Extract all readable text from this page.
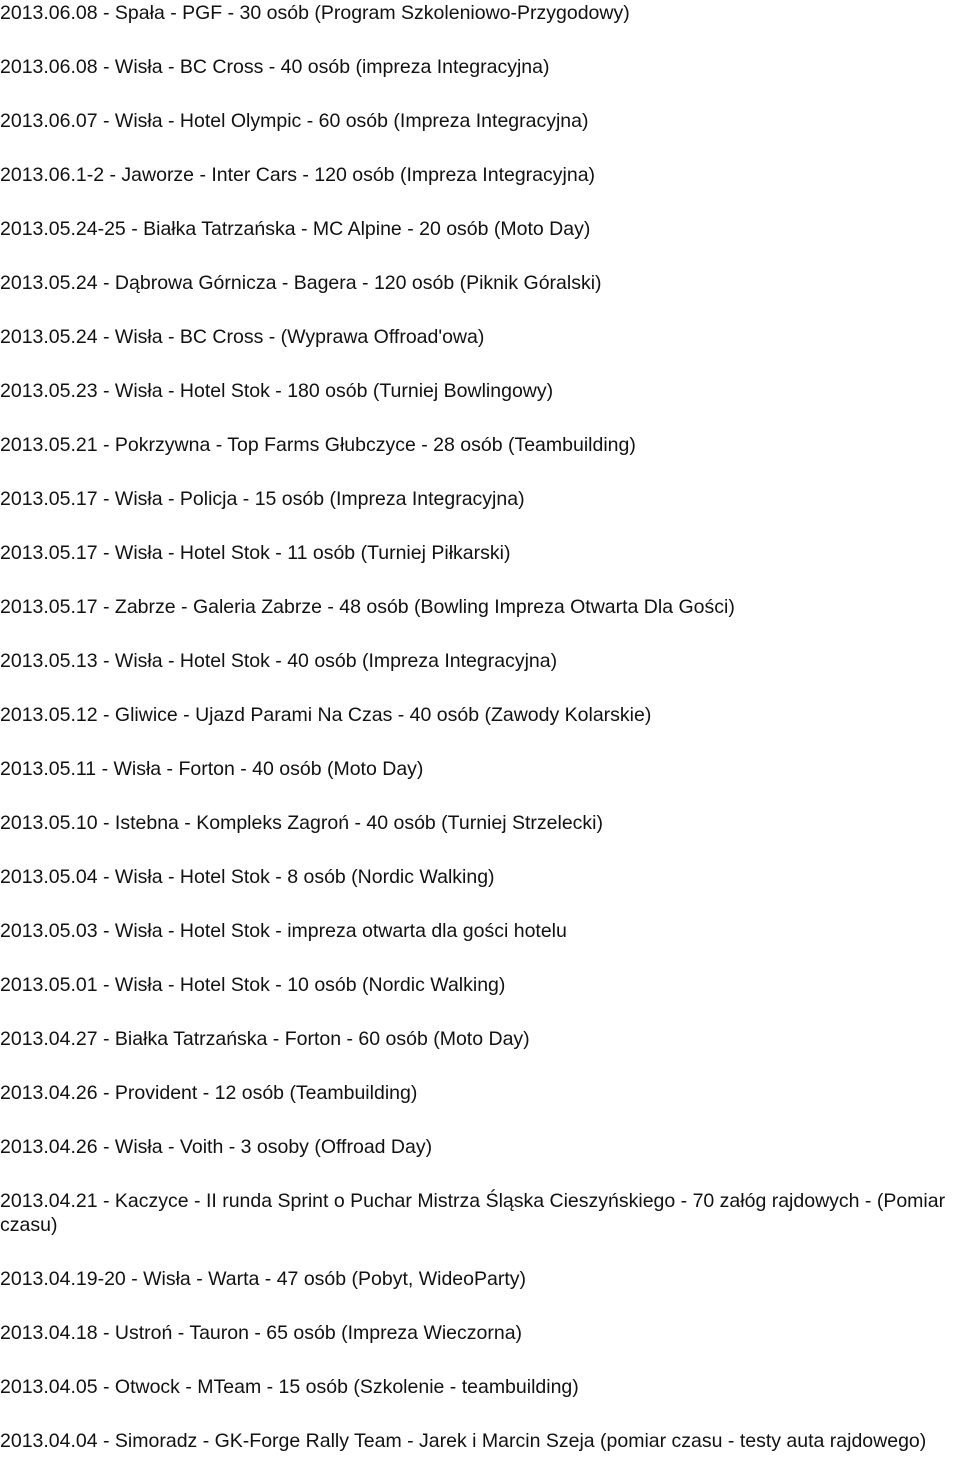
2013.06.08 - Spała - PGF - 30 osób (Program Szkoleniowo-Przygodowy)
2013.06.08 - Wisła - BC Cross - 40 osób (impreza Integracyjna)
2013.06.07 - Wisła - Hotel Olympic - 60 osób (Impreza Integracyjna)
2013.06.1-2 - Jaworze - Inter Cars - 120 osób (Impreza Integracyjna)
2013.05.24-25 - Białka Tatrzańska - MC Alpine - 20 osób (Moto Day)
2013.05.24 - Dąbrowa Górnicza - Bagera - 120 osób (Piknik Góralski)
2013.05.24 - Wisła - BC Cross - (Wyprawa Offroad'owa)
2013.05.23 - Wisła - Hotel Stok - 180 osób (Turniej Bowlingowy)
2013.05.21 - Pokrzywna - Top Farms Głubczyce - 28 osób (Teambuilding)
2013.05.17 - Wisła - Policja - 15 osób (Impreza Integracyjna)
2013.05.17 - Wisła - Hotel Stok - 11 osób (Turniej Piłkarski)
2013.05.17 - Zabrze - Galeria Zabrze - 48 osób (Bowling Impreza Otwarta Dla Gości)
2013.05.13 - Wisła - Hotel Stok - 40 osób (Impreza Integracyjna)
2013.05.12 - Gliwice - Ujazd Parami Na Czas - 40 osób (Zawody Kolarskie)
2013.05.11 - Wisła - Forton - 40 osób (Moto Day)
2013.05.10 - Istebna - Kompleks Zagroń - 40 osób (Turniej Strzelecki)
2013.05.04 - Wisła - Hotel Stok - 8 osób (Nordic Walking)
2013.05.03 - Wisła - Hotel Stok - impreza otwarta dla gości hotelu
2013.05.01 - Wisła - Hotel Stok - 10 osób (Nordic Walking)
2013.04.27 - Białka Tatrzańska - Forton - 60 osób (Moto Day)
2013.04.26 - Provident - 12 osób (Teambuilding)
2013.04.26 - Wisła - Voith - 3 osoby (Offroad Day)
2013.04.21 - Kaczyce - II runda Sprint o Puchar Mistrza Śląska Cieszyńskiego - 70 załóg rajdowych - (Pomiar czasu)
2013.04.19-20 - Wisła - Warta - 47 osób (Pobyt, WideoParty)
2013.04.18 - Ustroń - Tauron - 65 osób (Impreza Wieczorna)
2013.04.05 - Otwock - MTeam - 15 osób (Szkolenie - teambuilding)
2013.04.04 - Simoradz - GK-Forge Rally Team - Jarek i Marcin Szeja (pomiar czasu - testy auta rajdowego)
